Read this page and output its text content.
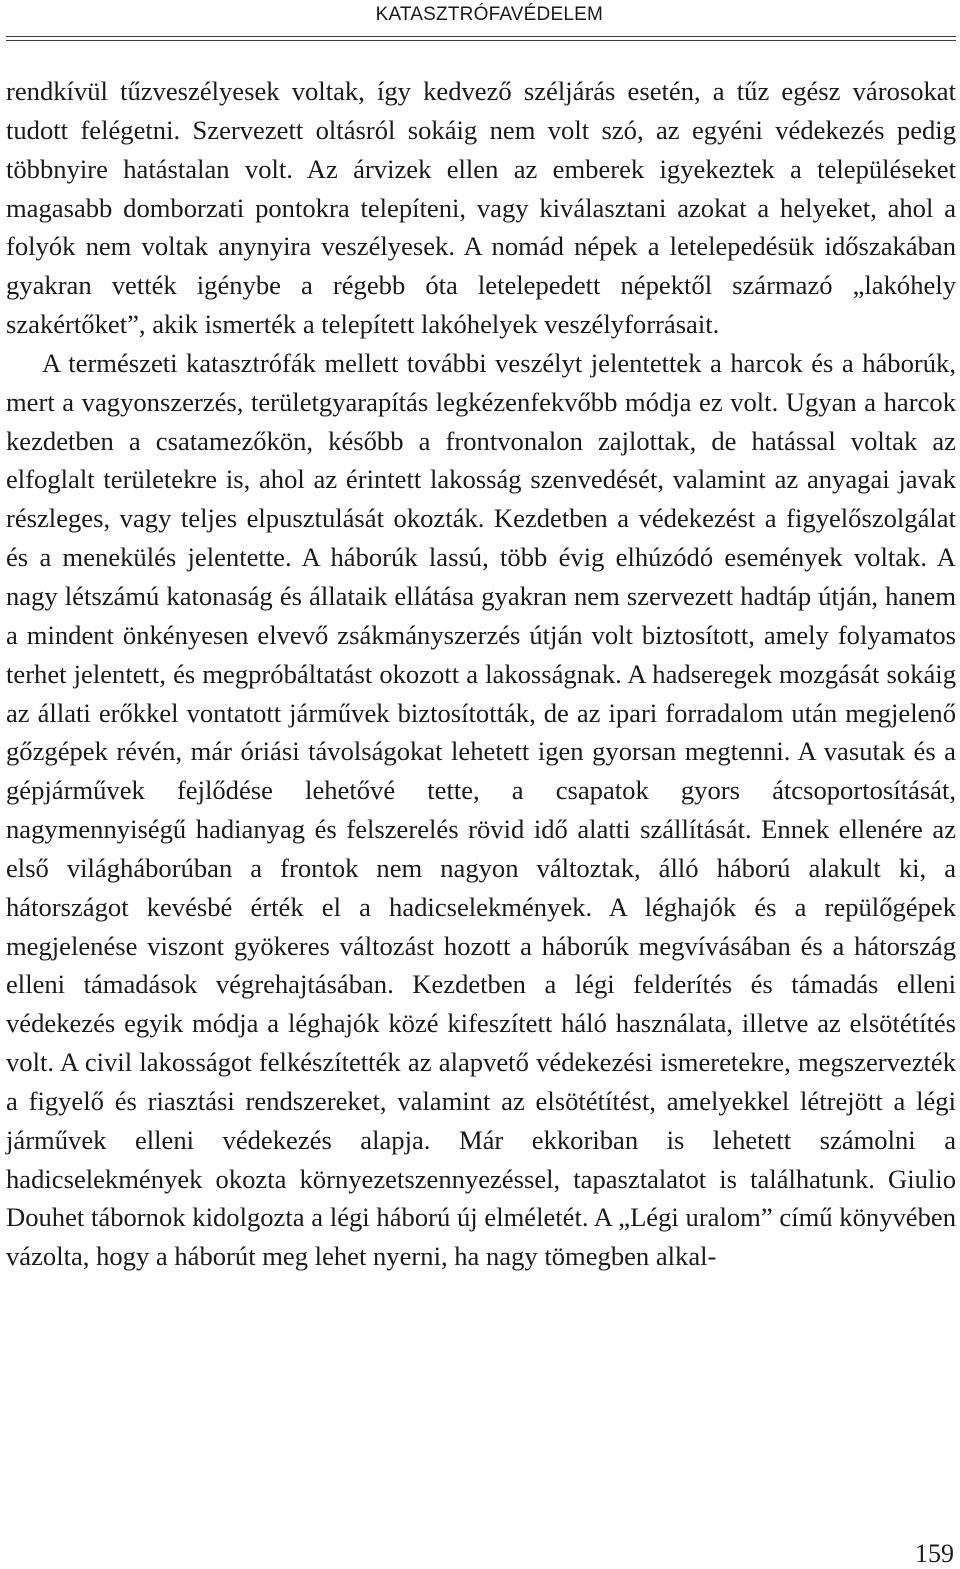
KATASZTRÓFAVÉDELEM

rendkívül tűzveszélyesek voltak, így kedvező széljárás esetén, a tűz egész városokat tudott felégetni. Szervezett oltásról sokáig nem volt szó, az egyéni védekezés pedig többnyire hatástalan volt. Az árvizek ellen az emberek igyekeztek a településeket magasabb domborzati pontokra telepíteni, vagy kiválasztani azokat a helyeket, ahol a folyók nem voltak anynyira veszélyesek. A nomád népek a letelepedésük időszakában gyakran vették igénybe a régebb óta letelepedett népektől származó „lakóhely szakértőket”, akik ismerték a telepített lakóhelyek veszélyforrásait.

A természeti katasztrófák mellett további veszélyt jelentettek a harcok és a háborúk, mert a vagyonszerzés, területgyarapítás legkézenfekvőbb módja ez volt. Ugyan a harcok kezdetben a csatamezőkön, később a frontvonalon zajlottak, de hatással voltak az elfoglalt területekre is, ahol az érintett lakosság szenvedését, valamint az anyagai javak részleges, vagy teljes elpusztulását okozták. Kezdetben a védekezést a figyelőszolgálat és a menekülés jelentette. A háborúk lassú, több évig elhúzódó események voltak. A nagy létszámú katonaság és állataik ellátása gyakran nem szervezett hadtáp útján, hanem a mindent önkényesen elvevő zsákmányszerzés útján volt biztosított, amely folyamatos terhet jelentett, és megpróbáltatást okozott a lakosságnak. A hadseregek mozgását sokáig az állati erőkkel vontatott járművek biztosították, de az ipari forradalom után megjelenő gőzgépek révén, már óriási távolságokat lehetett igen gyorsan megtenni. A vasutak és a gépjárművek fejlődése lehetővé tette, a csapatok gyors átcsoportosítását, nagymennyiségű hadianyag és felszerelés rövid idő alatti szállítását. Ennek ellenére az első világháborúban a frontok nem nagyon változtak, álló háború alakult ki, a hátországot kevésbé érték el a hadicselekmények. A léghajók és a repülőgépek megjelenése viszont gyökeres változást hozott a háborúk megvívásában és a hátország elleni támadások végrehajtásában. Kezdetben a légi felderítés és támadás elleni védekezés egyik módja a léghajók közé kifeszített háló használata, illetve az elsötétítés volt. A civil lakosságot felkészítették az alapvető védekezési ismeretekre, megszervezték a figyelő és riasztási rendszereket, valamint az elsötétítést, amelyekkel létrejött a légi járművek elleni védekezés alapja. Már ekkoriban is lehetett számolni a hadicselekmények okozta környezetszennyezéssel, tapasztalatot is találhatunk. Giulio Douhet tábornok kidolgozta a légi háború új elméletét. A „Légi uralom” című könyvében vázolta, hogy a háborút meg lehet nyerni, ha nagy tömegben alkal-

159
